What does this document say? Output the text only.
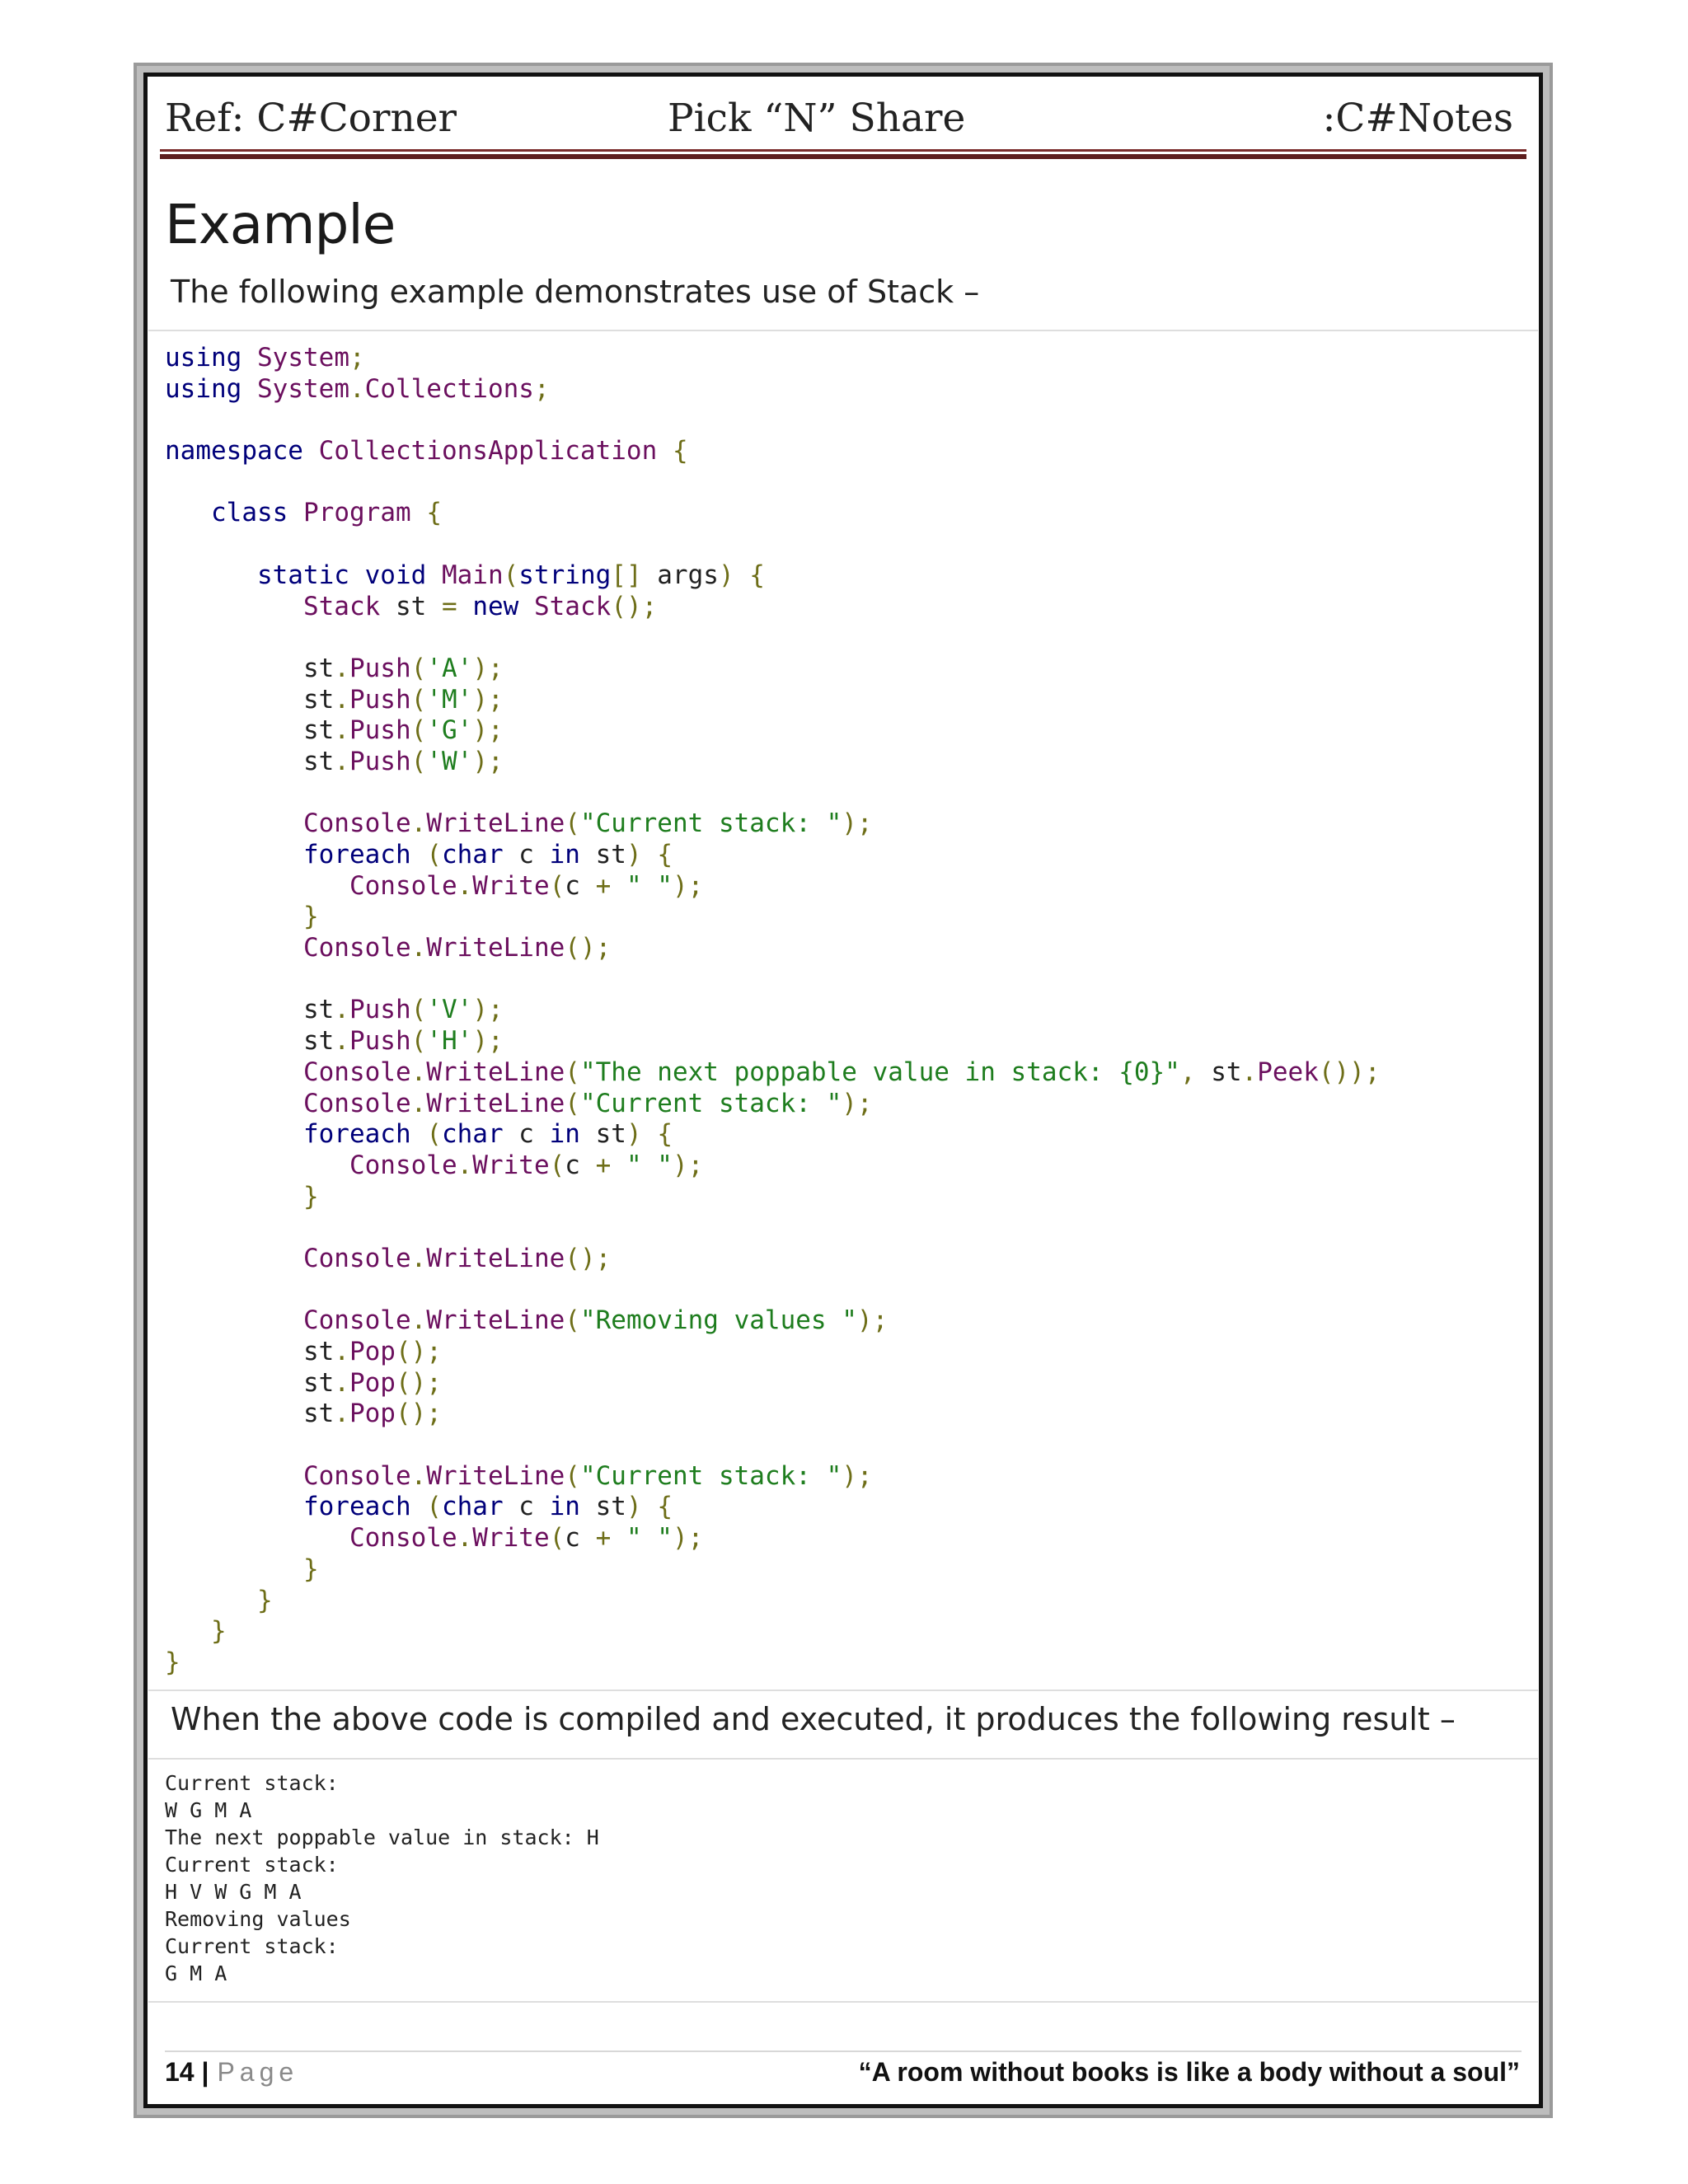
Ref: C#Corner	Pick “N” Share	:C#Notes
Example
The following example demonstrates use of Stack –
using System;
using System.Collections;
namespace CollectionsApplication {
class Program {
static void Main(string[] args) {
Stack st = new Stack();
st.Push('A');
st.Push('M');
st.Push('G');
st.Push('W');
Console.WriteLine("Current stack: ");
foreach (char c in st) {
Console.Write(c + " ");
}
Console.WriteLine();
st.Push('V');
st.Push('H');
Console.WriteLine("The next poppable value in stack: {0}", st.Peek());
Console.WriteLine("Current stack: ");
foreach (char c in st) {
Console.Write(c + " ");
}
Console.WriteLine();
Console.WriteLine("Removing values ");
st.Pop();
st.Pop();
st.Pop();
Console.WriteLine("Current stack: ");
foreach (char c in st) {
Console.Write(c + " ");
}
}
}
}
When the above code is compiled and executed, it produces the following result –
Current stack:
W G M A
The next poppable value in stack: H
Current stack:
H V W G M A
Removing values
Current stack:
G M A
14 | Page	“A room without books is like a body without a soul”
